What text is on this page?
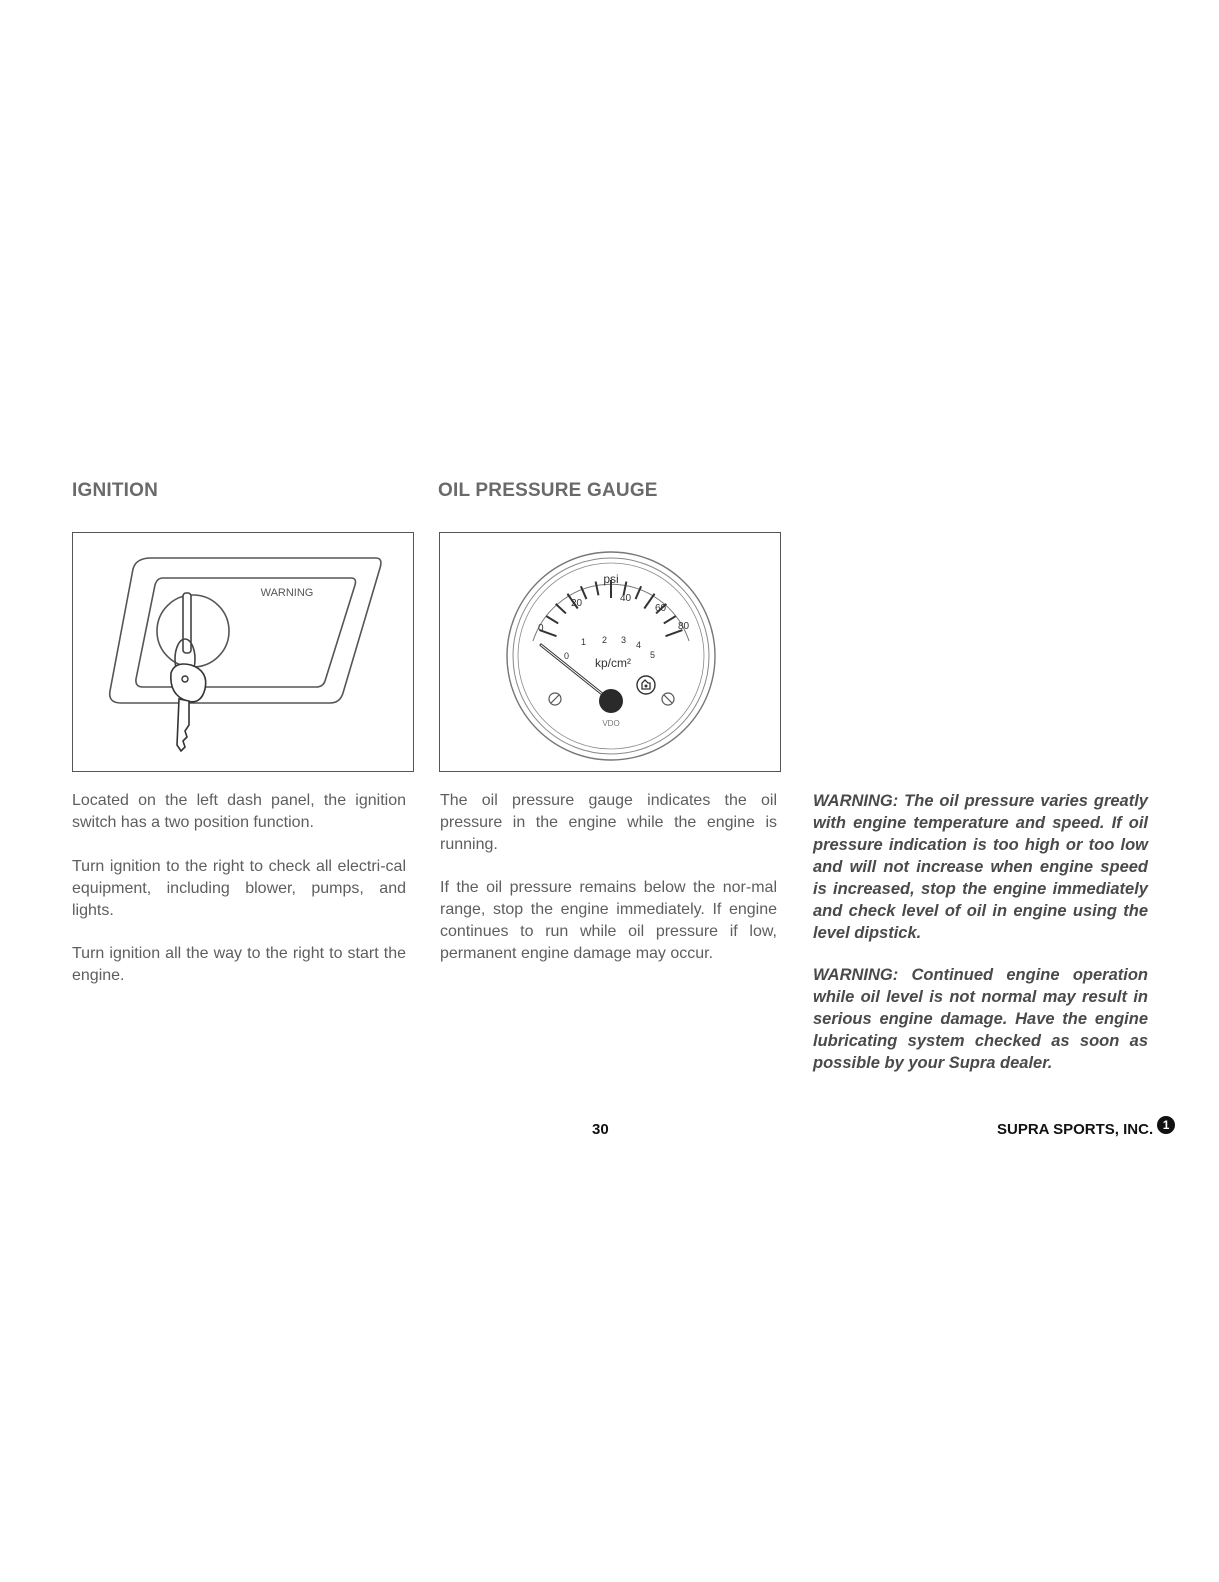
IGNITION	OIL PRESSURE GAUGE
WARNING
0
20	40
60
80
0
1 2 3 4
5
psi
kp/cm²
VDO

Located on the left dash panel, the ignition switch has a two position function.

Turn ignition to the right to check all electri-cal equipment, including blower, pumps, and lights.

Turn ignition all the way to the right to start the engine.

The oil pressure gauge indicates the oil pressure in the engine while the engine is running.

If the oil pressure remains below the nor-mal range, stop the engine immediately. If engine continues to run while oil pressure if low, permanent engine damage may occur.

WARNING: The oil pressure varies greatly with engine temperature and speed. If oil pressure indication is too high or too low and will not increase when engine speed is increased, stop the engine immediately and check level of oil in engine using the level dipstick.

WARNING: Continued engine operation while oil level is not normal may result in serious engine damage. Have the engine lubricating system checked as soon as possible by your Supra dealer.

30	SUPRA SPORTS, INC. 1
